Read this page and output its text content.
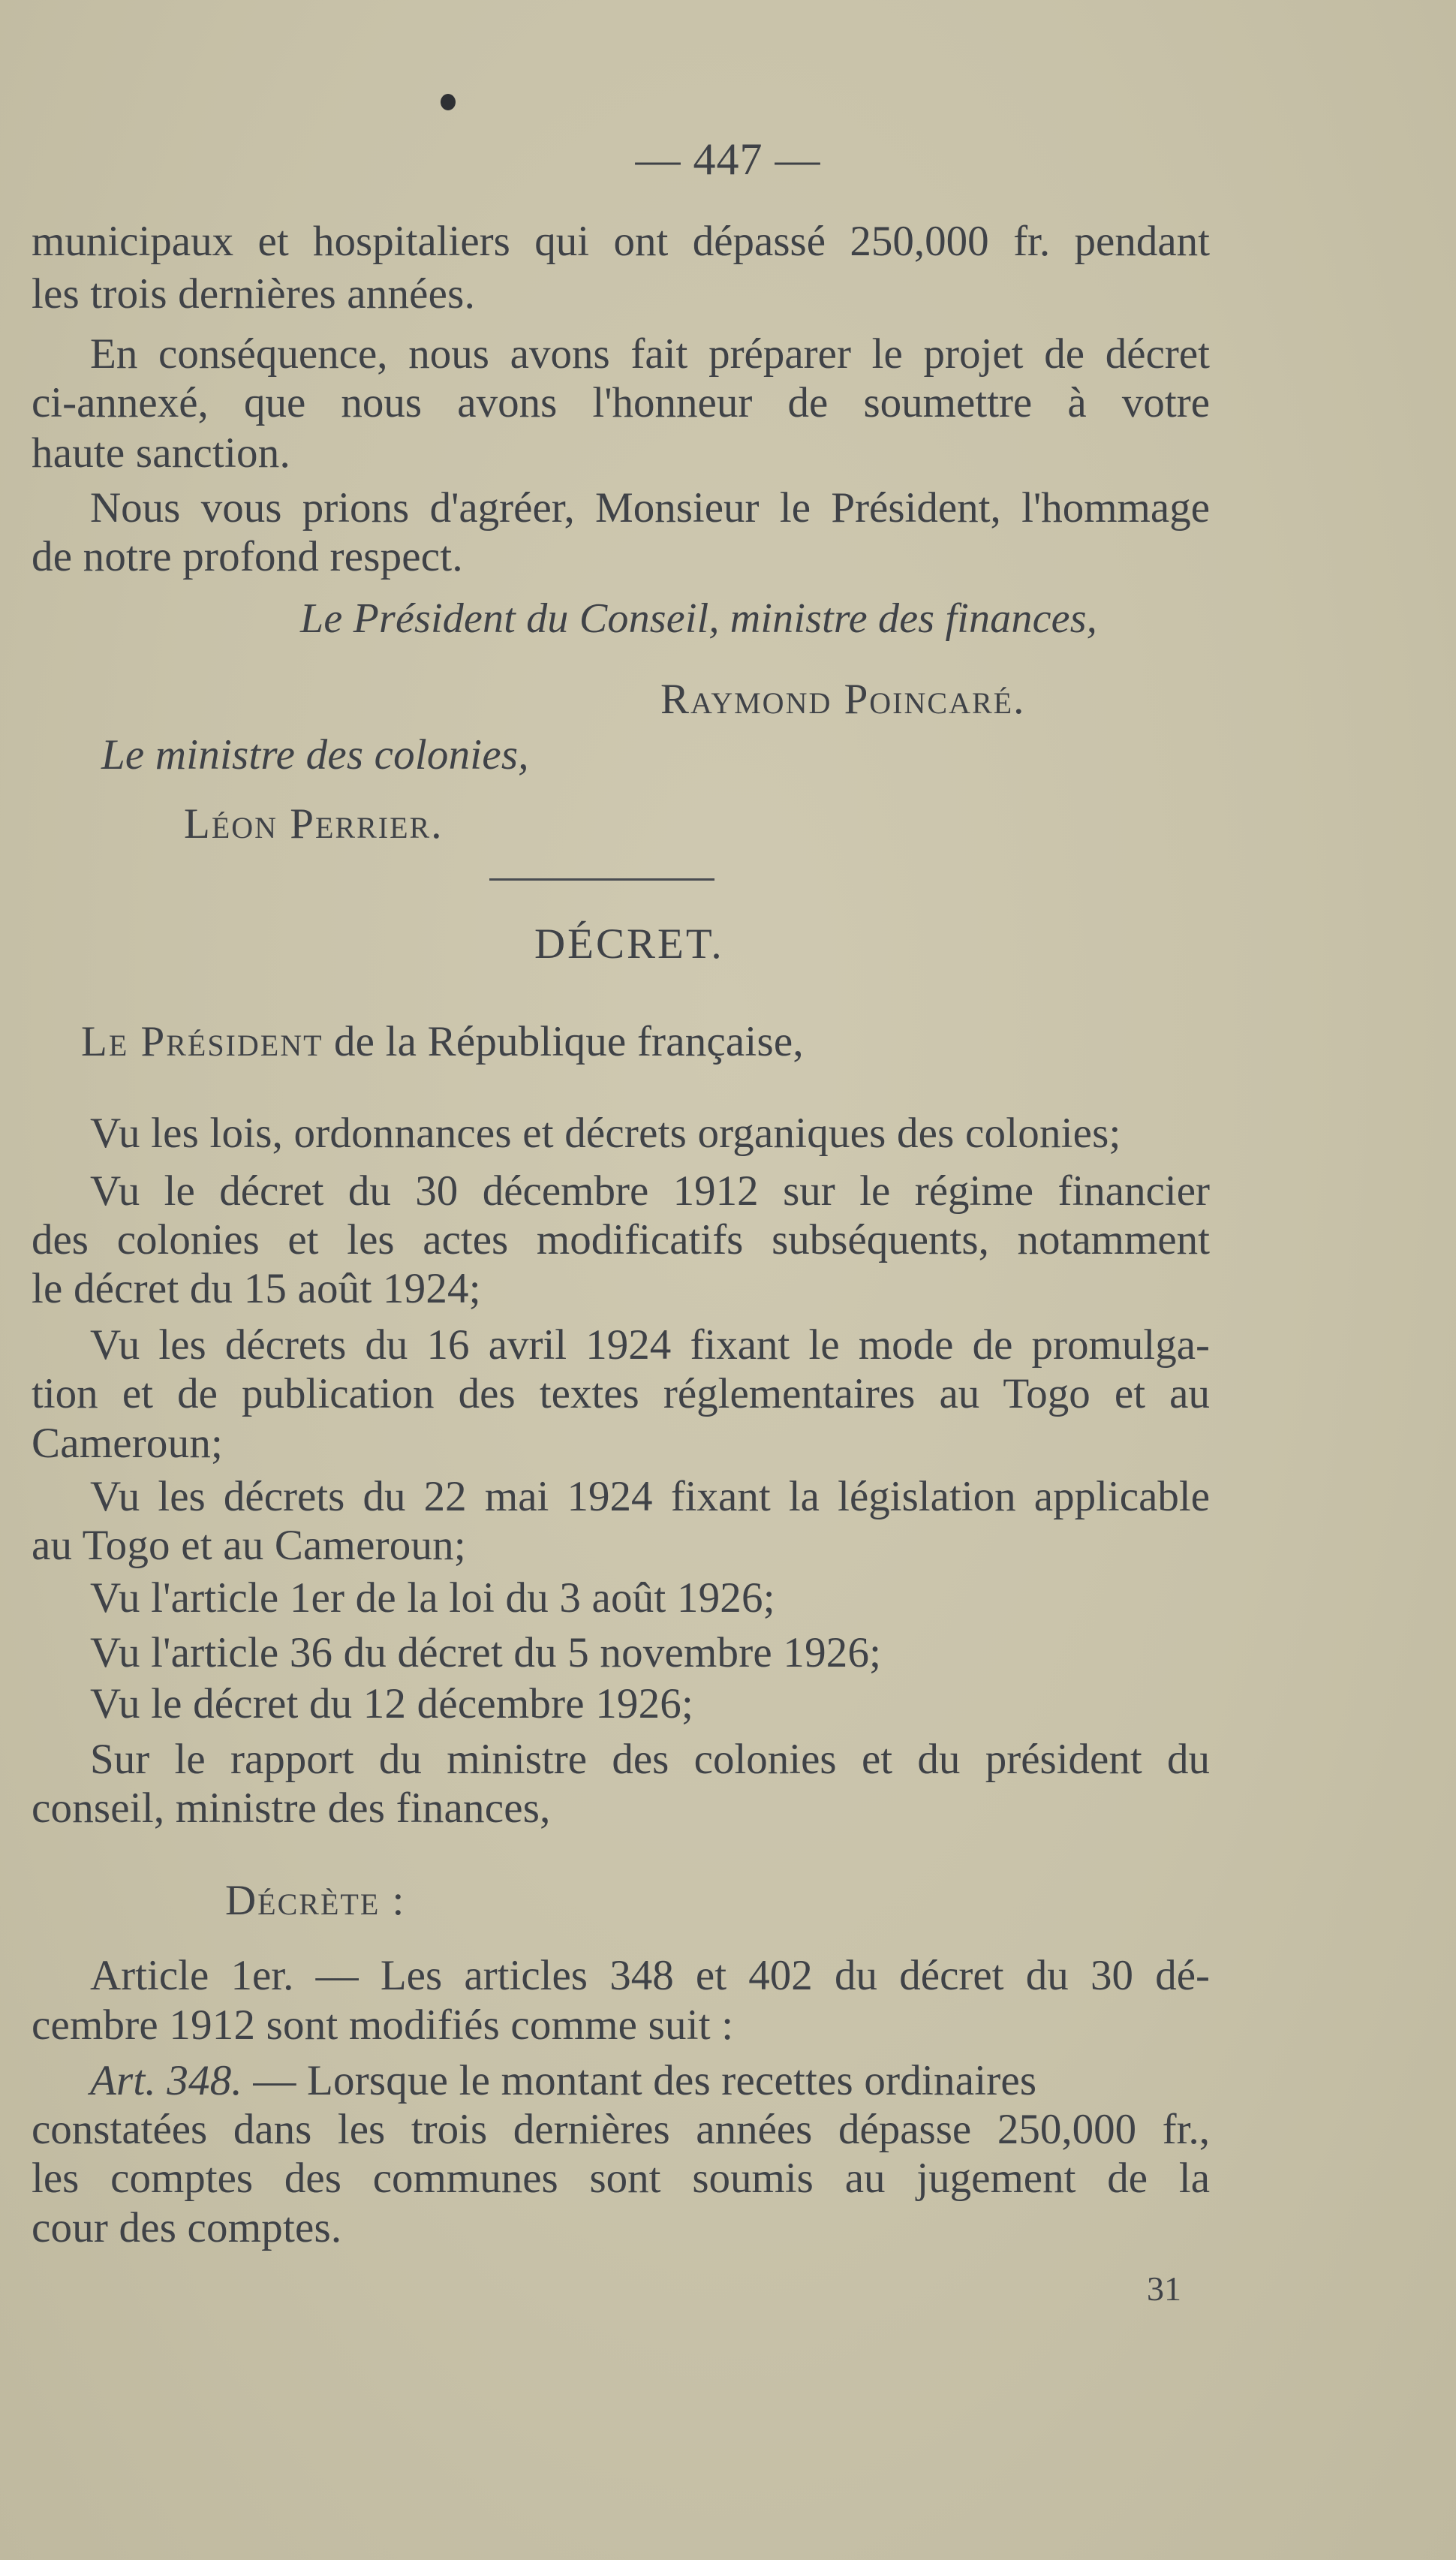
— 447 —
municipaux et hospitaliers qui ont dépassé 250,000 fr. pendant
les trois dernières années.
En conséquence, nous avons fait préparer le projet de décret
ci-annexé, que nous avons l'honneur de soumettre à votre
haute sanction.
Nous vous prions d'agréer, Monsieur le Président, l'hommage
de notre profond respect.
Le Président du Conseil, ministre des finances,
Raymond Poincaré.
Le ministre des colonies,
Léon Perrier.
DÉCRET.
Le Président de la République française,
Vu les lois, ordonnances et décrets organiques des colonies;
Vu le décret du 30 décembre 1912 sur le régime financier
des colonies et les actes modificatifs subséquents, notamment
le décret du 15 août 1924;
Vu les décrets du 16 avril 1924 fixant le mode de promulga-
tion et de publication des textes réglementaires au Togo et au
Cameroun;
Vu les décrets du 22 mai 1924 fixant la législation applicable
au Togo et au Cameroun;
Vu l'article 1er de la loi du 3 août 1926;
Vu l'article 36 du décret du 5 novembre 1926;
Vu le décret du 12 décembre 1926;
Sur le rapport du ministre des colonies et du président du
conseil, ministre des finances,
Décrète :
Article 1er. — Les articles 348 et 402 du décret du 30 dé-
cembre 1912 sont modifiés comme suit :
Art. 348. — Lorsque le montant des recettes ordinaires
constatées dans les trois dernières années dépasse 250,000 fr.,
les comptes des communes sont soumis au jugement de la
cour des comptes.
31
